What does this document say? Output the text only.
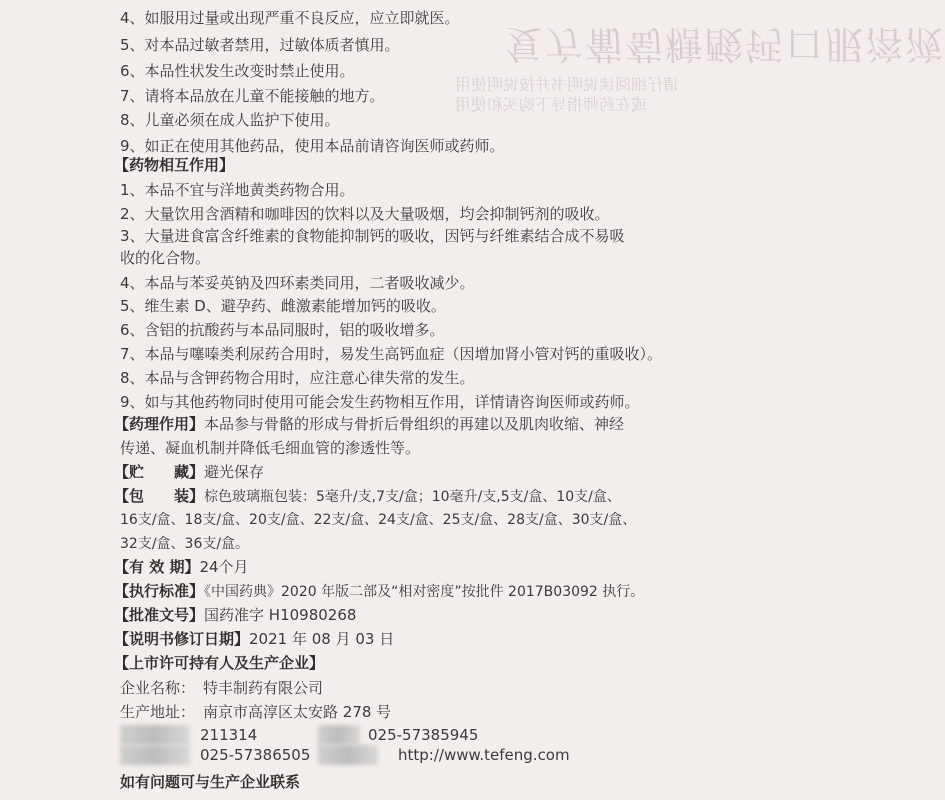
复方葡萄糖酸钙口服溶液
请仔细阅读说明书并按说明使用
或在药师指导下购买和使用
4、如服用过量或出现严重不良反应，应立即就医。
5、对本品过敏者禁用，过敏体质者慎用。
6、本品性状发生改变时禁止使用。
7、请将本品放在儿童不能接触的地方。
8、儿童必须在成人监护下使用。
9、如正在使用其他药品，使用本品前请咨询医师或药师。
【药物相互作用】
1、本品不宜与洋地黄类药物合用。
2、大量饮用含酒精和咖啡因的饮料以及大量吸烟，均会抑制钙剂的吸收。
3、大量进食富含纤维素的食物能抑制钙的吸收，因钙与纤维素结合成不易吸
收的化合物。
4、本品与苯妥英钠及四环素类同用，二者吸收减少。
5、维生素 D、避孕药、雌激素能增加钙的吸收。
6、含铝的抗酸药与本品同服时，铝的吸收增多。
7、本品与噻嗪类利尿药合用时，易发生高钙血症（因增加肾小管对钙的重吸收）。
8、本品与含钾药物合用时，应注意心律失常的发生。
9、如与其他药物同时使用可能会发生药物相互作用，详情请咨询医师或药师。
【药理作用】本品参与骨骼的形成与骨折后骨组织的再建以及肌肉收缩、神经
传递、凝血机制并降低毛细血管的渗透性等。
【贮　　藏】避光保存
【包　　装】棕色玻璃瓶包装：5毫升/支,7支/盒；10毫升/支,5支/盒、10支/盒、
16支/盒、18支/盒、20支/盒、22支/盒、24支/盒、25支/盒、28支/盒、30支/盒、
32支/盒、36支/盒。
【有 效 期】24个月
【执行标准】《中国药典》2020 年版二部及“相对密度”按批件 2017B03092 执行。
【批准文号】国药准字 H10980268
【说明书修订日期】2021 年 08 月 03 日
【上市许可持有人及生产企业】
企业名称： 特丰制药有限公司
生产地址： 南京市高淳区太安路 278 号
211314	025-57385945
025-57386505	http://www.tefeng.com
如有问题可与生产企业联系
